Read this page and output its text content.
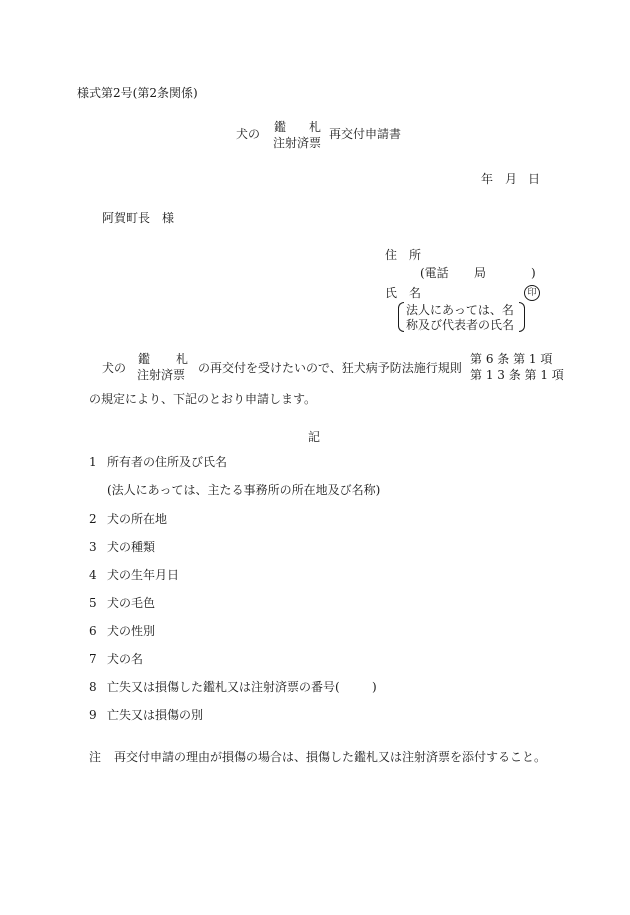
様式第2号(第2条関係)
犬の 鑑 札
注射済票
再交付申請書
年 月 日
阿賀町長　様
住　所
(電話 局	)
氏　名	印
法人にあっては、名
称及び代表者の氏名
犬の
鑑 札
注射済票 の再交付を受けたいので、狂犬病予防法施行規則
第 6 条 第 1 項
第 1 3 条 第 1 項
の規定により、下記のとおり申請します。
記
1 所有者の住所及び氏名
(法人にあっては、主たる事務所の所在地及び名称)
2 犬の所在地
3 犬の種類
4 犬の生年月日
5 犬の毛色
6 犬の性別
7 犬の名
8 亡失又は損傷した鑑札又は注射済票の番号(	)
9 亡失又は損傷の別
注 再交付申請の理由が損傷の場合は、損傷した鑑札又は注射済票を添付すること。
